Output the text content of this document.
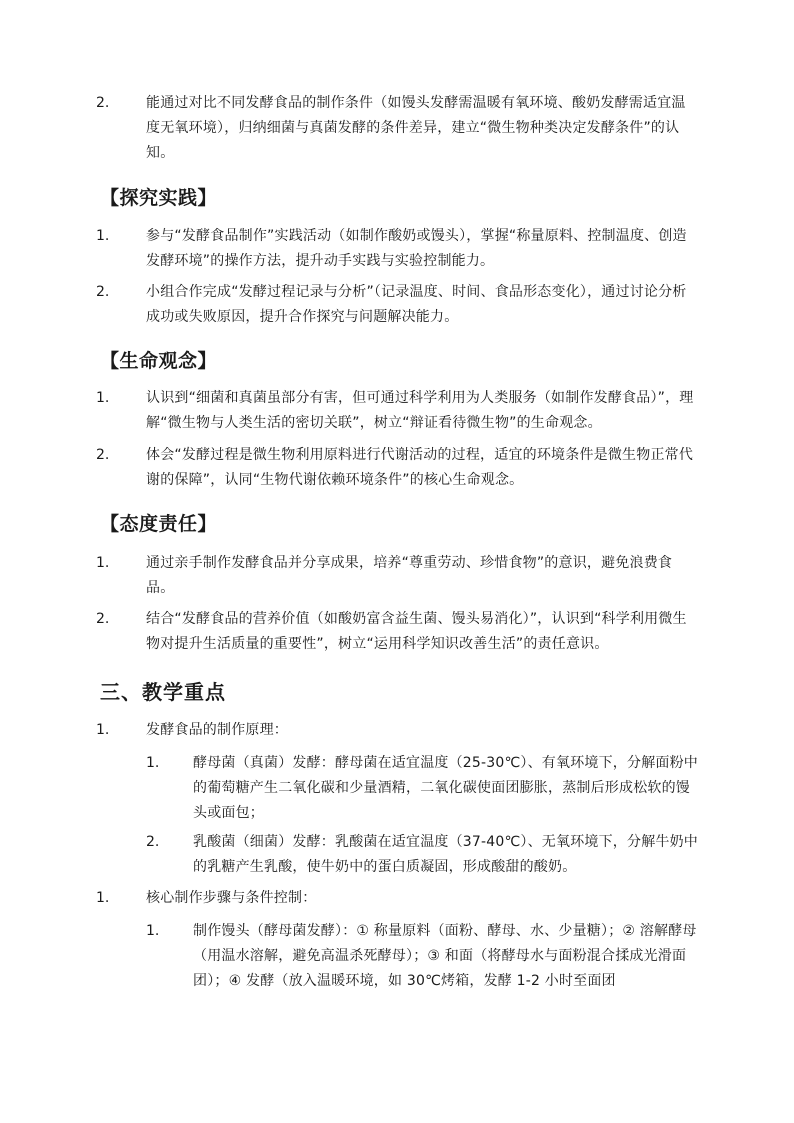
2.	能通过对比不同发酵食品的制作条件（如馒头发酵需温暖有氧环境、酸奶发酵需适宜温度无氧环境），归纳细菌与真菌发酵的条件差异，建立“微生物种类决定发酵条件”的认知。
【探究实践】
1.	参与“发酵食品制作”实践活动（如制作酸奶或馒头），掌握“称量原料、控制温度、创造发酵环境”的操作方法，提升动手实践与实验控制能力。
2.	小组合作完成“发酵过程记录与分析”（记录温度、时间、食品形态变化），通过讨论分析成功或失败原因，提升合作探究与问题解决能力。
【生命观念】
1.	认识到“细菌和真菌虽部分有害，但可通过科学利用为人类服务（如制作发酵食品）”，理解“微生物与人类生活的密切关联”，树立“辩证看待微生物”的生命观念。
2.	体会“发酵过程是微生物利用原料进行代谢活动的过程，适宜的环境条件是微生物正常代谢的保障”，认同“生物代谢依赖环境条件”的核心生命观念。
【态度责任】
1.	通过亲手制作发酵食品并分享成果，培养“尊重劳动、珍惜食物”的意识，避免浪费食品。
2.	结合“发酵食品的营养价值（如酸奶富含益生菌、馒头易消化）”，认识到“科学利用微生物对提升生活质量的重要性”，树立“运用科学知识改善生活”的责任意识。
三、教学重点
1.	发酵食品的制作原理：
1. 酵母菌（真菌）发酵：酵母菌在适宜温度（25-30℃）、有氧环境下，分解面粉中的葡萄糖产生二氧化碳和少量酒精，二氧化碳使面团膨胀，蒸制后形成松软的馒头或面包；
2. 乳酸菌（细菌）发酵：乳酸菌在适宜温度（37-40℃）、无氧环境下，分解牛奶中的乳糖产生乳酸，使牛奶中的蛋白质凝固，形成酸甜的酸奶。
1.	核心制作步骤与条件控制：
1. 制作馒头（酵母菌发酵）：① 称量原料（面粉、酵母、水、少量糖）；② 溶解酵母（用温水溶解，避免高温杀死酵母）；③ 和面（将酵母水与面粉混合揉成光滑面团）；④ 发酵（放入温暖环境，如 30℃烤箱，发酵 1-2 小时至面团
